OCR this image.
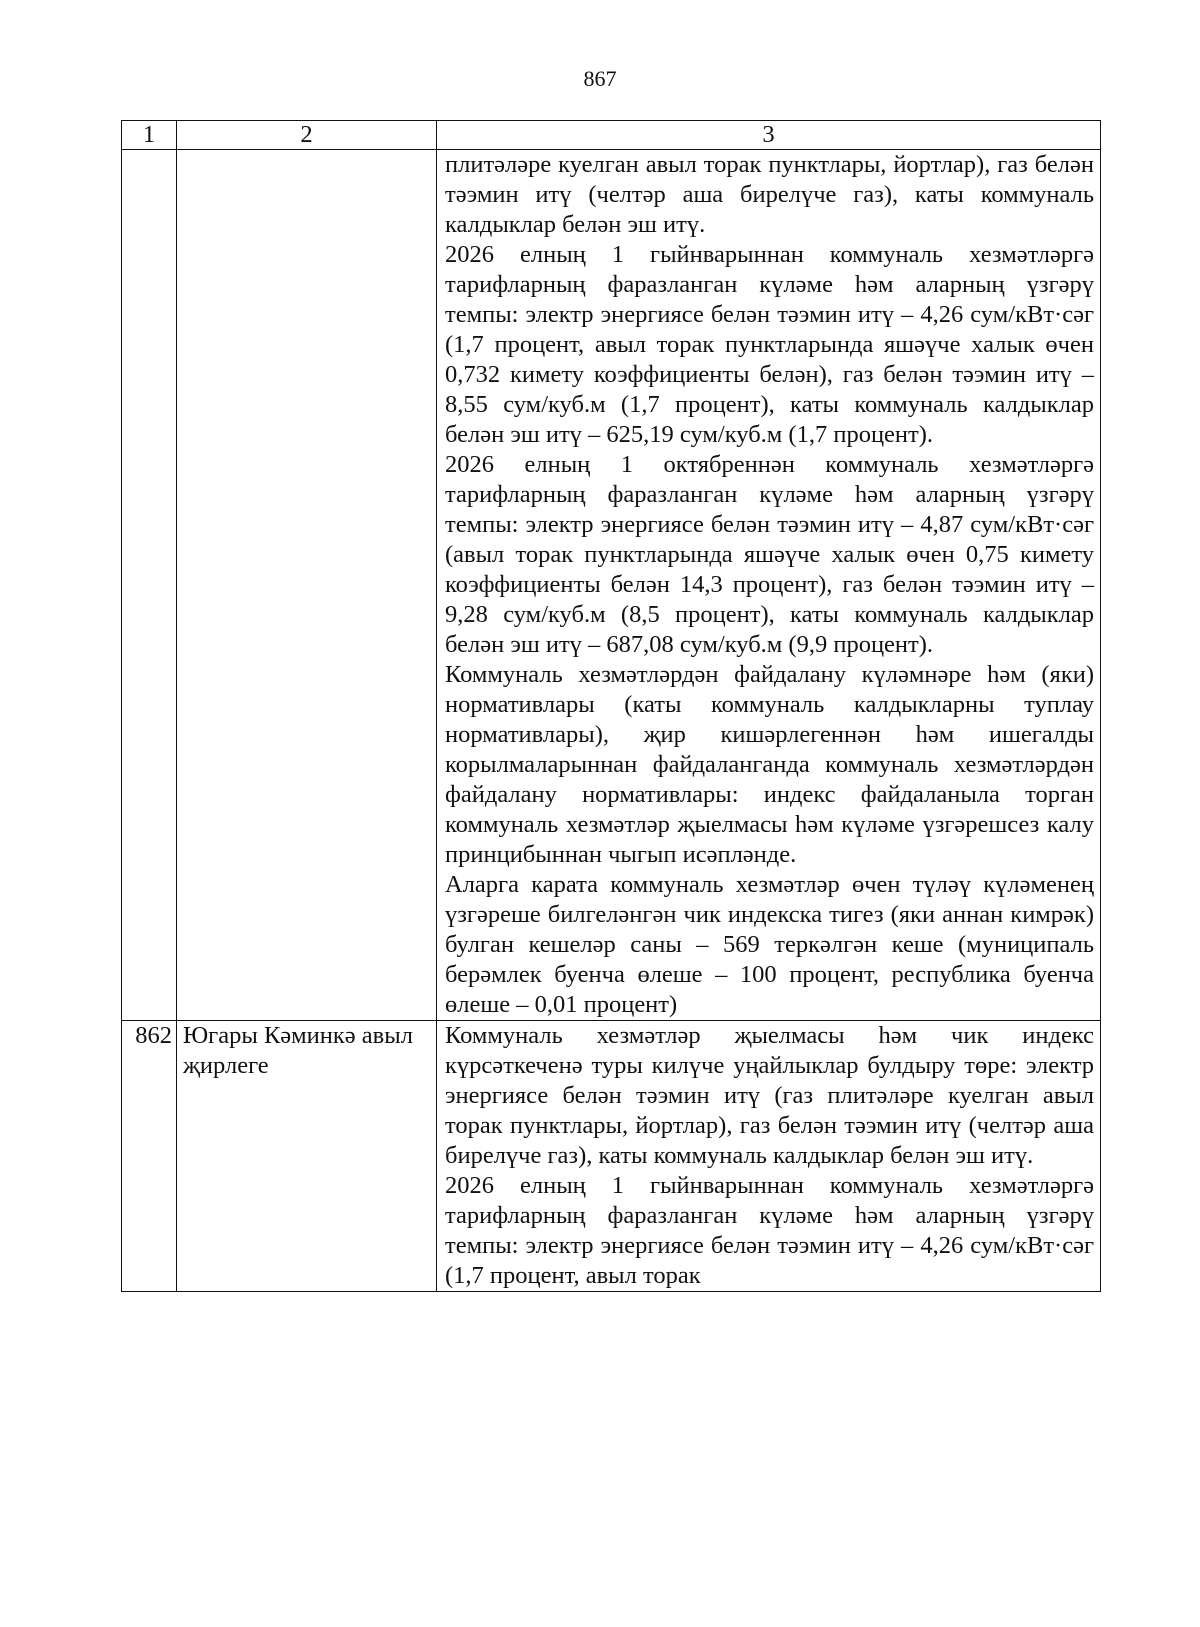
867
1	2	3

		плитәләре куелган авыл торак пунктлары, йортлар), газ белән тәэмин итү (челтәр аша бирелүче газ), каты коммуналь калдыклар белән эш итү.

2026 елның 1 гыйнварыннан коммуналь хезмәтләргә тарифларның фаразланган күләме һәм аларның үзгәрү темпы: электр энергиясе белән тәэмин итү – 4,26 сум/кВт·сәг (1,7 процент, авыл торак пунктларында яшәүче халык өчен 0,732 кимету коэффициенты белән), газ белән тәэмин итү – 8,55 сум/куб.м (1,7 процент), каты коммуналь калдыклар белән эш итү – 625,19 сум/куб.м (1,7 процент).

2026 елның 1 октябреннән коммуналь хезмәтләргә тарифларның фаразланган күләме һәм аларның үзгәрү темпы: электр энергиясе белән тәэмин итү – 4,87 сум/кВт·сәг (авыл торак пунктларында яшәүче халык өчен 0,75 кимету коэффициенты белән 14,3 процент), газ белән тәэмин итү – 9,28 сум/куб.м (8,5 процент), каты коммуналь калдыклар белән эш итү – 687,08 сум/куб.м (9,9 процент).

Коммуналь хезмәтләрдән файдалану күләмнәре һәм (яки) нормативлары (каты коммуналь калдыкларны туплау нормативлары), җир кишәрлегеннән һәм ишегалды корылмаларыннан файдаланганда коммуналь хезмәтләрдән файдалану нормативлары: индекс файдаланыла торган коммуналь хезмәтләр җыелмасы һәм күләме үзгәрешсез калу принцибыннан чыгып исәпләнде.

Аларга карата коммуналь хезмәтләр өчен түләү күләменең үзгәреше билгеләнгән чик индекска тигез (яки аннан кимрәк) булган кешеләр саны – 569 теркәлгән кеше (муниципаль берәмлек буенча өлеше – 100 процент, республика буенча өлеше – 0,01 процент)

862	Югары Кәминкә авыл җирлеге	Коммуналь хезмәтләр җыелмасы һәм чик индекс күрсәткеченә туры килүче уңайлыклар булдыру төре: электр энергиясе белән тәэмин итү (газ плитәләре куелган авыл торак пунктлары, йортлар), газ белән тәэмин итү (челтәр аша бирелүче газ), каты коммуналь калдыклар белән эш итү.

2026 елның 1 гыйнварыннан коммуналь хезмәтләргә тарифларның фаразланган күләме һәм аларның үзгәрү темпы: электр энергиясе белән тәэмин итү – 4,26 сум/кВт·сәг (1,7 процент, авыл торак
